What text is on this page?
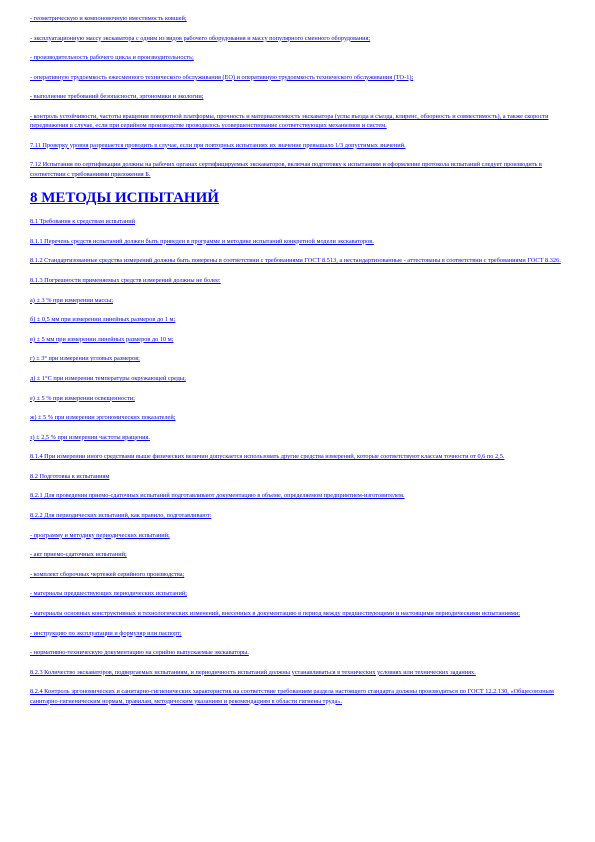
- геометрическую и компоновочную вместимость ковшей;
- эксплуатационную массу экскаватора с одним из видов рабочего оборудования и массу популярного сменного оборудования;
- производительность рабочего цикла и производительность;
- оперативную трудоемкость ежесменного технического обслуживания (ЕО) и оперативную трудоемкость технического обслуживания (ТО-1);
- выполнение требований безопасности, эргономики и экологии;
- контроль устойчивости, частоты вращения поворотной платформы, прочность и материалоемкость экскаватора (углы въезда и съезда, клиренс, обзорность и совместимость), а также скорости передвижения в случае, если при серийном производстве проводилось усовершенствование соответствующих механизмов и систем.
7.11 Проверку уровня разрешается проводить в случае, если при повторных испытаниях их значение превышало 1/3 допустимых значений.
7.12 Испытания по сертификации должны на рабочих органах сертифицируемых экскаваторов, включая подготовку к испытаниям и оформление протокола испытаний следует производить в соответствии с требованиями приложения Б.
8 МЕТОДЫ ИСПЫТАНИЙ
8.1 Требования к средствам испытаний
8.1.1 Перечень средств испытаний должен быть приведен в программе и методике испытаний конкретной модели экскаваторов.
8.1.2 Стандартизованные средства измерений должны быть поверены в соответствии с требованиями ГОСТ 8.513, а нестандартизованные - аттестованы в соответствии с требованиями ГОСТ 8.326.
8.1.3 Погрешности применяемых средств измерений должны не более:
а) ± 3 % при измерении массы;
б) ± 0,5 мм при измерении линейных размеров до 1 м;
в) ± 5 мм при измерении линейных размеров до 10 м;
г) ± 3° при измерении угловых размеров;
д) ± 1°С при измерении температуры окружающей среды;
е) ± 5 % при измерении освещенности;
ж) ± 5 % при измерении эргономических показателей;
з) ± 2,5 % при измерении частоты вращения.
8.1.4 При измерении иного средствами выше физических величин допускается использовать другие средства измерений, которые соответствуют классам точности от 0,6 по 2,5.
8.2 Подготовка к испытаниям
8.2.1 Для проведения приемо-сдаточных испытаний подготавливают документацию в объеме, определяемом предприятием-изготовителем.
8.2.2 Для периодических испытаний, как правило, подготавливают:
- программу и методику периодических испытаний;
- акт приемо-сдаточных испытаний;
- комплект сборочных чертежей серийного производства;
- материалы предшествующих периодических испытаний;
- материалы основных конструктивных и технологических изменений, внесенных в документацию в период между предшествующими и настоящими периодическими испытаниями;
- инструкцию по эксплуатации и формуляр или паспорт;
- нормативно-техническую документацию на серийно выпускаемые экскаваторы.
8.2.3 Количество экскаваторов, подвергаемых испытаниям, и периодичность испытаний должны устанавливаться в технических условиях или технических заданиях.
8.2.4 Контроль эргономических и санитарно-гигиенических характеристик на соответствие требованиям раздела настоящего стандарта должны производиться по ГОСТ 12.2.130, «Общесоюзным санитарно-гигиеническим нормам, правилам, методическим указаниям и рекомендациям в области гигиены труда».
